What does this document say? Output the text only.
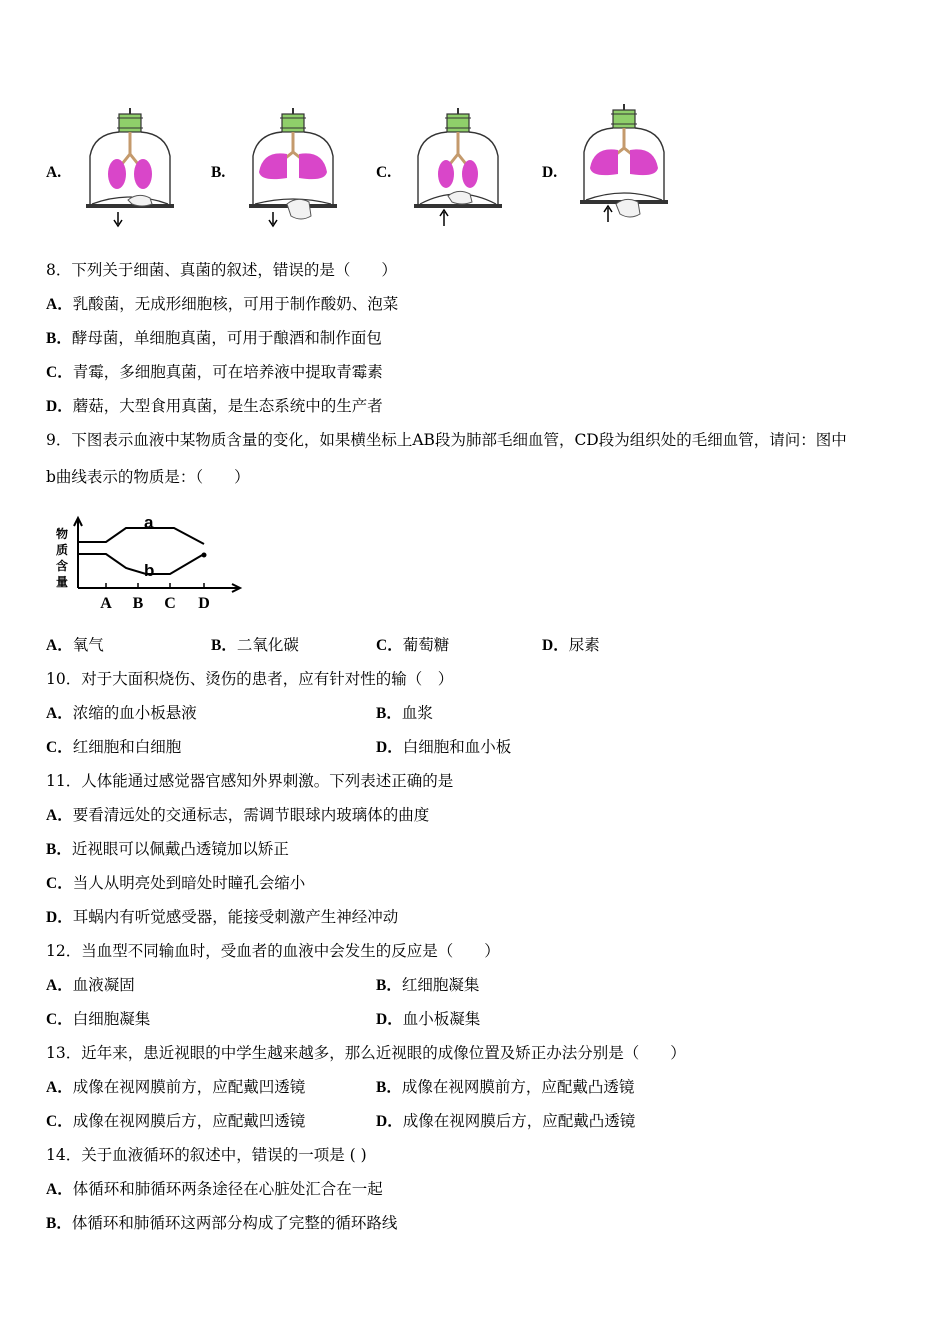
A.	B.	C.	D.
8．下列关于细菌、真菌的叙述，错误的是（　　）
A．乳酸菌，无成形细胞核，可用于制作酸奶、泡菜
B．酵母菌，单细胞真菌，可用于酿酒和制作面包
C．青霉，多细胞真菌，可在培养液中提取青霉素
D．蘑菇，大型食用真菌，是生态系统中的生产者
9．下图表示血液中某物质含量的变化，如果横坐标上AB段为肺部毛细血管，CD段为组织处的毛细血管，请问：图中
b曲线表示的物质是：（　　）
物
质
含
量
a
b
A B C D
A．氧气	B．二氧化碳	C．葡萄糖	D．尿素
10．对于大面积烧伤、烫伤的患者，应有针对性的输（　）
A．浓缩的血小板悬液	B．血浆
C．红细胞和白细胞	D．白细胞和血小板
11．人体能通过感觉器官感知外界刺激。下列表述正确的是
A．要看清远处的交通标志，需调节眼球内玻璃体的曲度
B．近视眼可以佩戴凸透镜加以矫正
C．当人从明亮处到暗处时瞳孔会缩小
D．耳蜗内有听觉感受器，能接受刺激产生神经冲动
12．当血型不同输血时，受血者的血液中会发生的反应是（　　）
A．血液凝固	B．红细胞凝集
C．白细胞凝集	D．血小板凝集
13．近年来，患近视眼的中学生越来越多，那么近视眼的成像位置及矫正办法分别是（　　）
A．成像在视网膜前方，应配戴凹透镜	B．成像在视网膜前方，应配戴凸透镜
C．成像在视网膜后方，应配戴凹透镜	D．成像在视网膜后方，应配戴凸透镜
14．关于血液循环的叙述中，错误的一项是 ( )
A．体循环和肺循环两条途径在心脏处汇合在一起
B．体循环和肺循环这两部分构成了完整的循环路线
